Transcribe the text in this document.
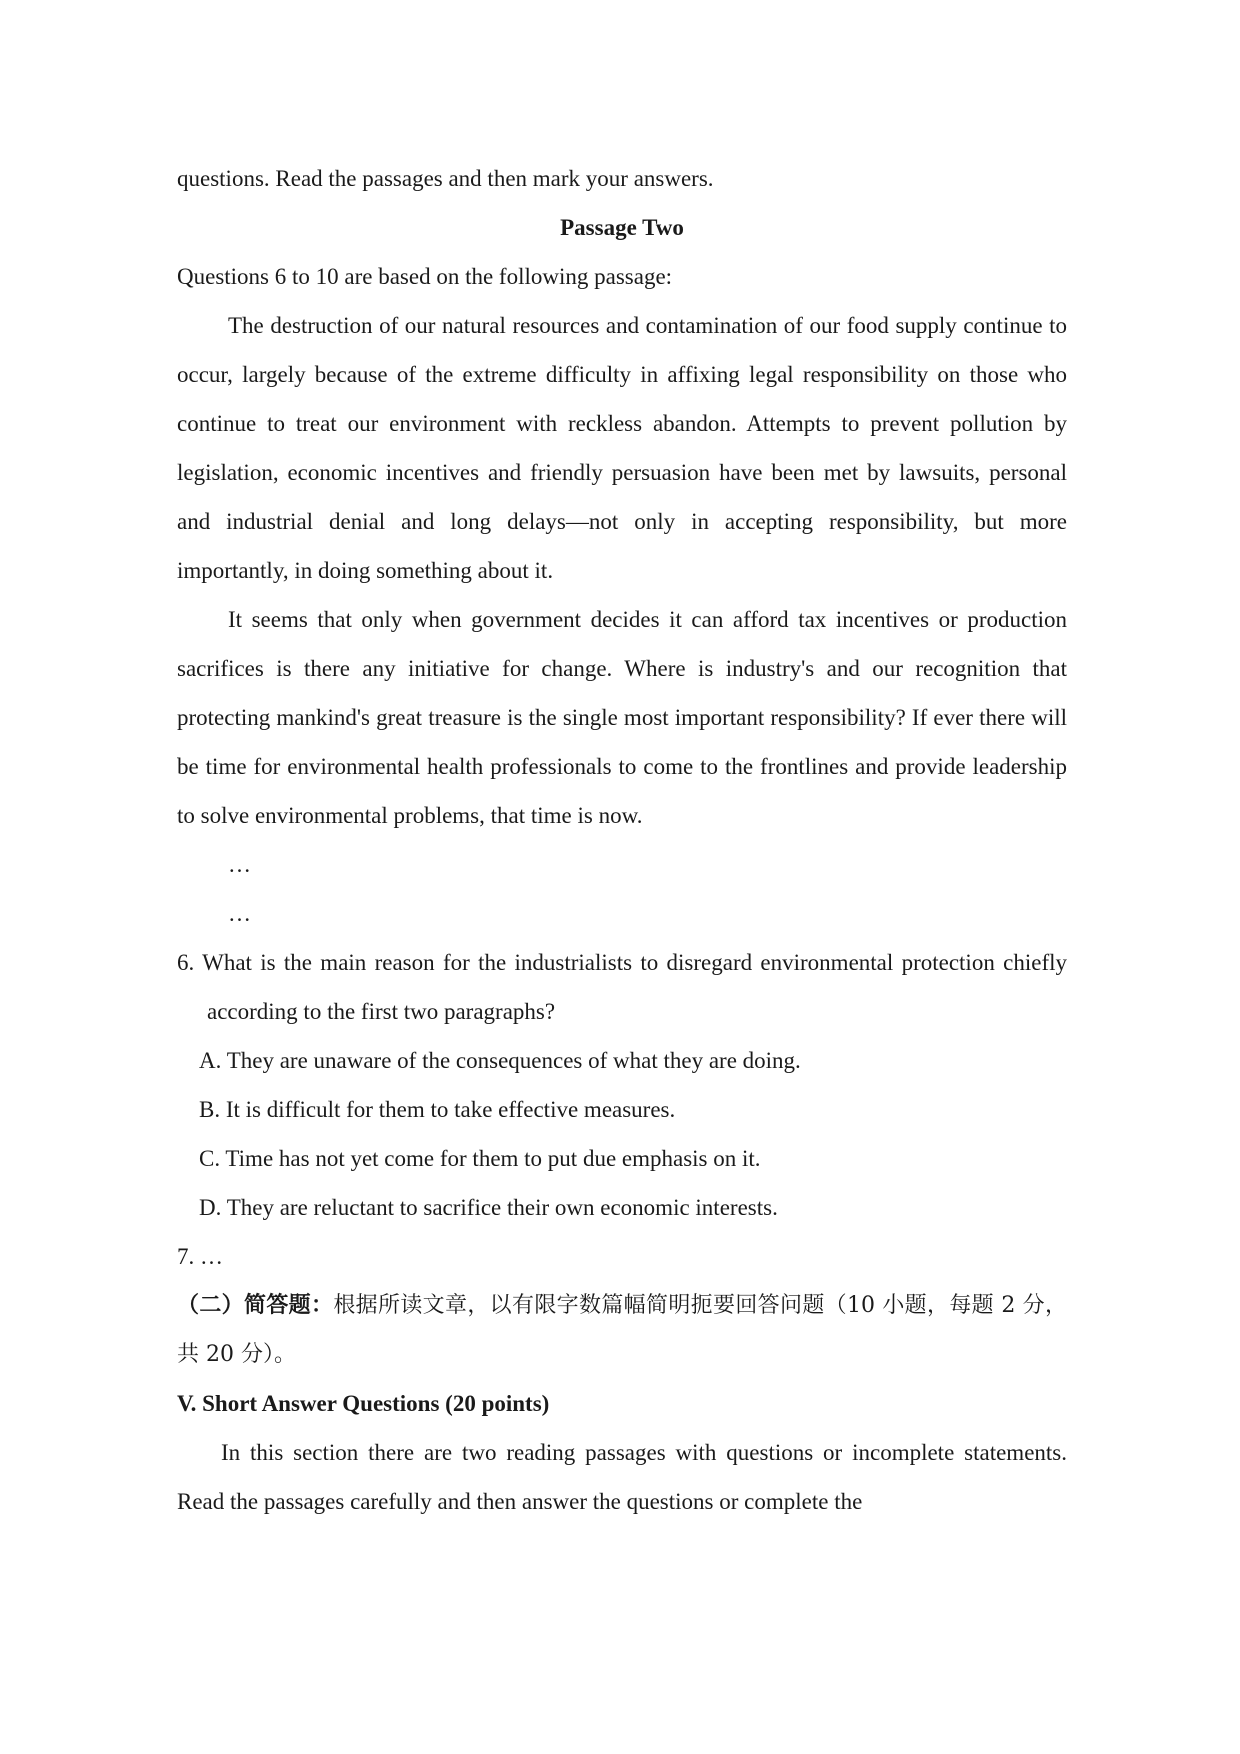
questions. Read the passages and then mark your answers.

Passage Two

Questions 6 to 10 are based on the following passage:

The destruction of our natural resources and contamination of our food supply continue to occur, largely because of the extreme difficulty in affixing legal responsibility on those who continue to treat our environment with reckless abandon. Attempts to prevent pollution by legislation, economic incentives and friendly persuasion have been met by lawsuits, personal and industrial denial and long delays—not only in accepting responsibility, but more importantly, in doing something about it.

It seems that only when government decides it can afford tax incentives or production sacrifices is there any initiative for change. Where is industry's and our recognition that protecting mankind's great treasure is the single most important responsibility? If ever there will be time for environmental health professionals to come to the frontlines and provide leadership to solve environmental problems, that time is now.

…

…

6. What is the main reason for the industrialists to disregard environmental protection chiefly according to the first two paragraphs?

A. They are unaware of the consequences of what they are doing.

B. It is difficult for them to take effective measures.

C. Time has not yet come for them to put due emphasis on it.

D. They are reluctant to sacrifice their own economic interests.

7. …

（二）简答题：根据所读文章，以有限字数篇幅简明扼要回答问题（10 小题，每题 2 分，共 20 分）。

V. Short Answer Questions (20 points)

In this section there are two reading passages with questions or incomplete statements. Read the passages carefully and then answer the questions or complete the
